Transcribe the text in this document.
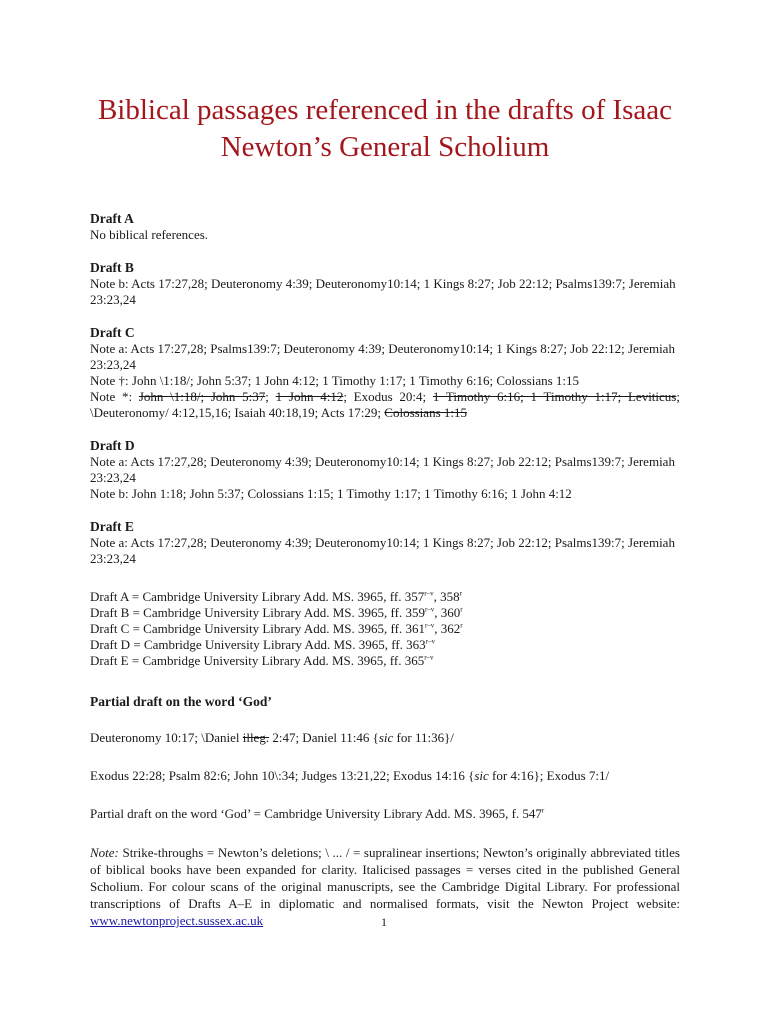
Biblical passages referenced in the drafts of Isaac Newton’s General Scholium
Draft A

No biblical references.

Draft B

Note b: Acts 17:27,28; Deuteronomy 4:39; Deuteronomy10:14; 1 Kings 8:27; Job 22:12; Psalms139:7; Jeremiah 23:23,24

Draft C

Note a: Acts 17:27,28; Psalms139:7; Deuteronomy 4:39; Deuteronomy10:14; 1 Kings 8:27; Job 22:12; Jeremiah 23:23,24

Note †: John \1:18/; John 5:37; 1 John 4:12; 1 Timothy 1:17; 1 Timothy 6:16; Colossians 1:15

Note *: John \1:18/; John 5:37; 1 John 4:12; Exodus 20:4; 1 Timothy 6:16; 1 Timothy 1:17; Leviticus; \Deuteronomy/ 4:12,15,16; Isaiah 40:18,19; Acts 17:29; Colossians 1:15

Draft D

Note a: Acts 17:27,28; Deuteronomy 4:39; Deuteronomy10:14; 1 Kings 8:27; Job 22:12; Psalms139:7; Jeremiah 23:23,24

Note b: John 1:18; John 5:37; Colossians 1:15; 1 Timothy 1:17; 1 Timothy 6:16; 1 John 4:12

Draft E

Note a: Acts 17:27,28; Deuteronomy 4:39; Deuteronomy10:14; 1 Kings 8:27; Job 22:12; Psalms139:7; Jeremiah 23:23,24

Draft A = Cambridge University Library Add. MS. 3965, ff. 357$^{r-v}$, 358$^r$

Draft B = Cambridge University Library Add. MS. 3965, ff. 359$^{r-v}$, 360$^r$

Draft C = Cambridge University Library Add. MS. 3965, ff. 361$^{r-v}$, 362$^r$

Draft D = Cambridge University Library Add. MS. 3965, ff. 363$^{r-v}$

Draft E = Cambridge University Library Add. MS. 3965, ff. 365$^{r-v}$

Partial draft on the word ‘God’

Deuteronomy 10:17; \Daniel illeg. 2:47; Daniel 11:46 {sic for 11:36}/

Exodus 22:28; Psalm 82:6; John 10\:34; Judges 13:21,22; Exodus 14:16 {sic for 4:16}; Exodus 7:1/

Partial draft on the word ‘God’ = Cambridge University Library Add. MS. 3965, f. 547$^r$

Note: Strike-throughs = Newton’s deletions; \ ... / = supralinear insertions; Newton’s originally abbreviated titles of biblical books have been expanded for clarity. Italicised passages = verses cited in the published General Scholium. For colour scans of the original manuscripts, see the Cambridge Digital Library. For professional transcriptions of Drafts A–E in diplomatic and normalised formats, visit the Newton Project website: www.newtonproject.sussex.ac.uk	1
